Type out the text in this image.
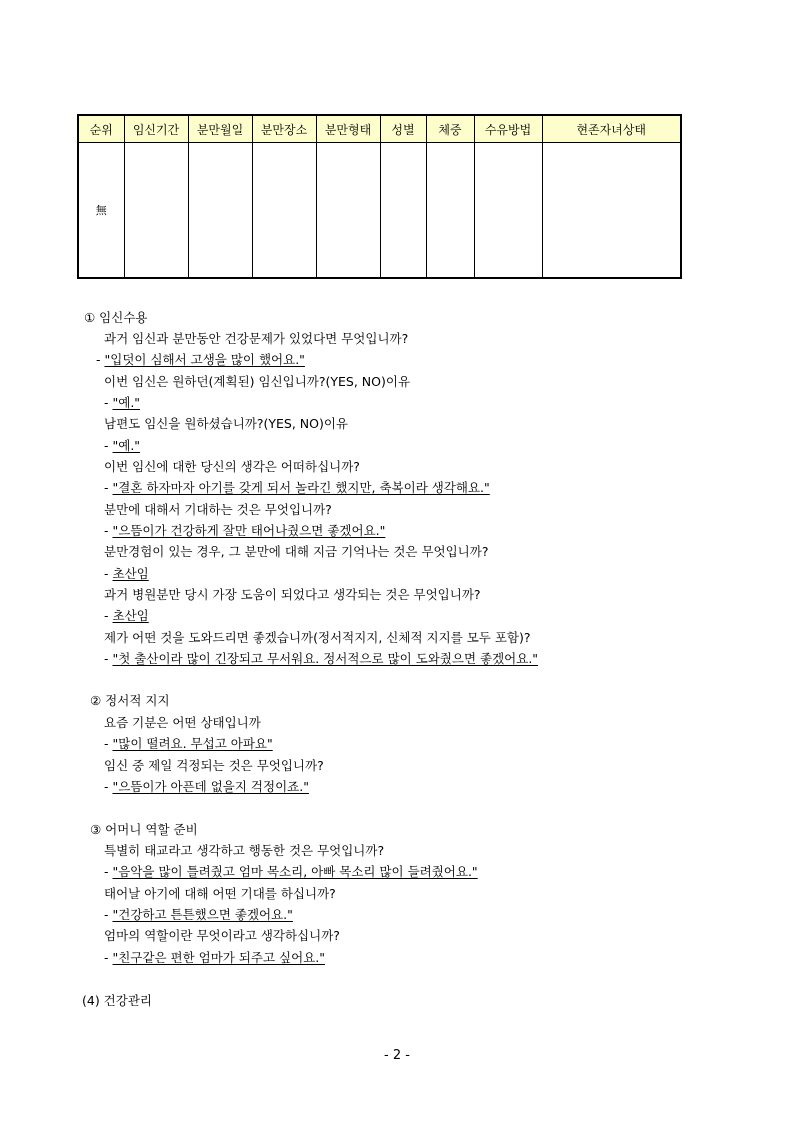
순위	임신기간	분만월일	분만장소	분만형태	성별	체중	수유방법	현존자녀상태
無								
① 임신수용
과거 임신과 분만동안 건강문제가 있었다면 무엇입니까?
- "입덧이 심해서 고생을 많이 했어요."
이번 임신은 원하던(계획된) 임신입니까?(YES, NO)이유
- "예."
남편도 임신을 원하셨습니까?(YES, NO)이유
- "예."
이번 임신에 대한 당신의 생각은 어떠하십니까?
- "결혼 하자마자 아기를 갖게 되서 놀라긴 했지만, 축복이라 생각해요."
분만에 대해서 기대하는 것은 무엇입니까?
- "으뜸이가 건강하게 잘만 태어나줬으면 좋겠어요."
분만경험이 있는 경우, 그 분만에 대해 지금 기억나는 것은 무엇입니까?
- 초산임
과거 병원분만 당시 가장 도움이 되었다고 생각되는 것은 무엇입니까?
- 초산임
제가 어떤 것을 도와드리면 좋겠습니까(정서적지지, 신체적 지지를 모두 포함)?
- "첫 출산이라 많이 긴장되고 무서워요. 정서적으로 많이 도와줬으면 좋겠어요."
② 정서적 지지
요즘 기분은 어떤 상태입니까
- "많이 떨려요. 무섭고 아파요"
임신 중 제일 걱정되는 것은 무엇입니까?
- "으뜸이가 아픈데 없을지 걱정이죠."
③ 어머니 역할 준비
특별히 태교라고 생각하고 행동한 것은 무엇입니까?
- "음악을 많이 틀려줬고 엄마 목소리, 아빠 목소리 많이 들려줬어요."
태어날 아기에 대해 어떤 기대를 하십니까?
- "건강하고 튼튼했으면 좋겠어요."
엄마의 역할이란 무엇이라고 생각하십니까?
- "친구같은 편한 엄마가 되주고 싶어요."
(4) 건강관리
- 2 -
